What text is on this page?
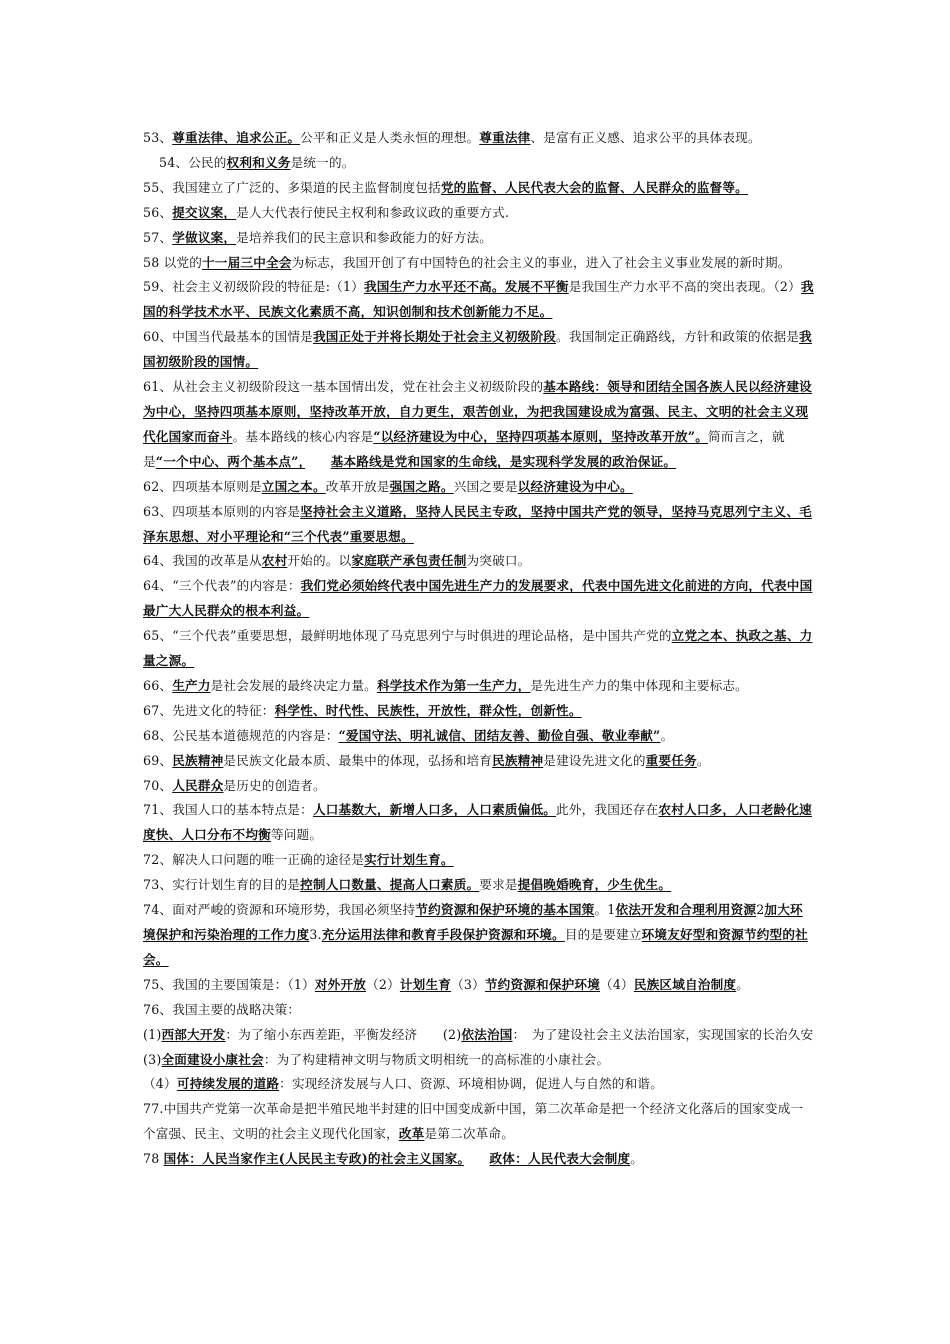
53、尊重法律、追求公正。公平和正义是人类永恒的理想。尊重法律、是富有正义感、追求公平的具体表现。

54、公民的权利和义务是统一的。

55、我国建立了广泛的、多渠道的民主监督制度包括党的监督、人民代表大会的监督、人民群众的监督等。

56、提交议案，是人大代表行使民主权利和参政议政的重要方式.

57、学做议案，是培养我们的民主意识和参政能力的好方法。

58 以党的十一届三中全会为标志，我国开创了有中国特色的社会主义的事业，进入了社会主义事业发展的新时期。

59、社会主义初级阶段的特征是:（1）我国生产力水平还不高。发展不平衡是我国生产力水平不高的突出表现。（2）我国的科学技术水平、民族文化素质不高，知识创制和技术创新能力不足。

60、中国当代最基本的国情是我国正处于并将长期处于社会主义初级阶段。我国制定正确路线，方针和政策的依据是我国初级阶段的国情。

61、从社会主义初级阶段这一基本国情出发，党在社会主义初级阶段的基本路线：领导和团结全国各族人民以经济建设为中心，坚持四项基本原则，坚持改革开放，自力更生，艰苦创业，为把我国建设成为富强、民主、文明的社会主义现代化国家而奋斗。基本路线的核心内容是“以经济建设为中心，坚持四项基本原则，坚持改革开放”。简而言之，就是“一个中心、两个基本点”，　　 基本路线是党和国家的生命线，是实现科学发展的政治保证。

62、四项基本原则是立国之本。改革开放是强国之路。兴国之要是以经济建设为中心。

63、四项基本原则的内容是坚持社会主义道路，坚持人民民主专政，坚持中国共产党的领导，坚持马克思列宁主义、毛泽东思想、对小平理论和“三个代表”重要思想。

64、我国的改革是从农村开始的。以家庭联产承包责任制为突破口。

64、“三个代表”的内容是：我们党必须始终代表中国先进生产力的发展要求，代表中国先进文化前进的方向，代表中国最广大人民群众的根本利益。

65、“三个代表”重要思想，最鲜明地体现了马克思列宁与时俱进的理论品格，是中国共产党的立党之本、执政之基、力量之源。

66、生产力是社会发展的最终决定力量。科学技术作为第一生产力，是先进生产力的集中体现和主要标志。

67、先进文化的特征：科学性、时代性、民族性，开放性，群众性，创新性。

68、公民基本道德规范的内容是：“爱国守法、明礼诚信、团结友善、勤俭自强、敬业奉献”。

69、民族精神是民族文化最本质、最集中的体现，弘扬和培育民族精神是建设先进文化的重要任务。

70、人民群众是历史的创造者。

71、我国人口的基本特点是：人口基数大，新增人口多，人口素质偏低。此外，我国还存在农村人口多，人口老龄化速度快、人口分布不均衡等问题。

72、解决人口问题的唯一正确的途径是实行计划生育。

73、实行计划生育的目的是控制人口数量、提高人口素质。要求是提倡晚婚晚育，少生优生。

74、面对严峻的资源和环境形势，我国必须坚持节约资源和保护环境的基本国策。1依法开发和合理利用资源2加大环境保护和污染治理的工作力度3.充分运用法律和教育手段保护资源和环境。目的是要建立环境友好型和资源节约型的社会。

75、我国的主要国策是：（1）对外开放（2）计划生育（3）节约资源和保护环境（4）民族区域自治制度。

76、我国主要的战略决策：

(1)西部大开发：为了缩小东西差距，平衡发经济　　(2)依法治国：　为了建设社会主义法治国家，实现国家的长治久安　　(3)全面建设小康社会：为了构建精神文明与物质文明相统一的高标准的小康社会。

（4）可持续发展的道路：实现经济发展与人口、资源、环境相协调，促进人与自然的和谐。

77.中国共产党第一次革命是把半殖民地半封建的旧中国变成新中国，第二次革命是把一个经济文化落后的国家变成一个富强、民主、文明的社会主义现代化国家，改革是第二次革命。

78 国体：人民当家作主(人民民主专政)的社会主义国家。　　 政体：人民代表大会制度。
